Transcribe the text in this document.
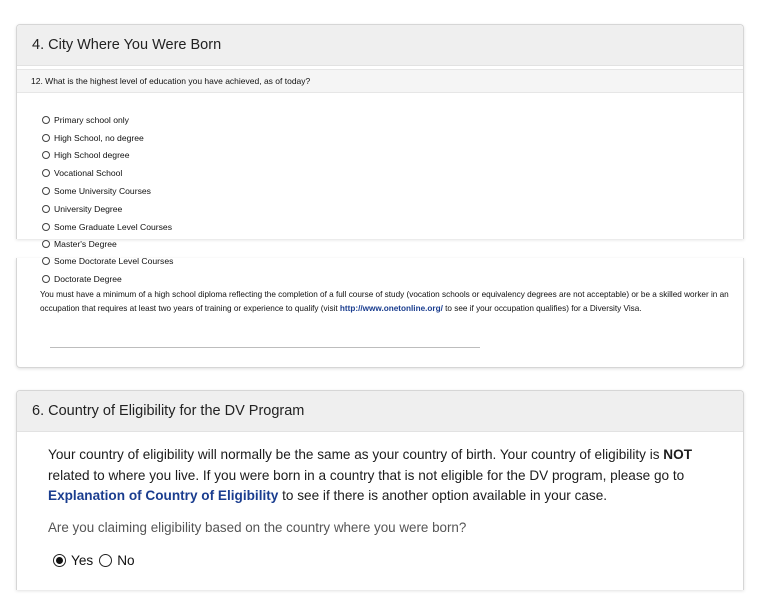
4. City Where You Were Born
12. What is the highest level of education you have achieved, as of today?
Primary school only
High School, no degree
High School degree
Vocational School
Some University Courses
University Degree
Some Graduate Level Courses
Master's Degree
Some Doctorate Level Courses
Doctorate Degree
You must have a minimum of a high school diploma reflecting the completion of a full course of study (vocation schools or equivalency degrees are not acceptable) or be a skilled worker in an occupation that requires at least two years of training or experience to qualify (visit http://www.onetonline.org/ to see if your occupation qualifies) for a Diversity Visa.
6. Country of Eligibility for the DV Program
Your country of eligibility will normally be the same as your country of birth. Your country of eligibility is NOT related to where you live. If you were born in a country that is not eligible for the DV program, please go to Explanation of Country of Eligibility to see if there is another option available in your case.
Are you claiming eligibility based on the country where you were born?
Yes No
